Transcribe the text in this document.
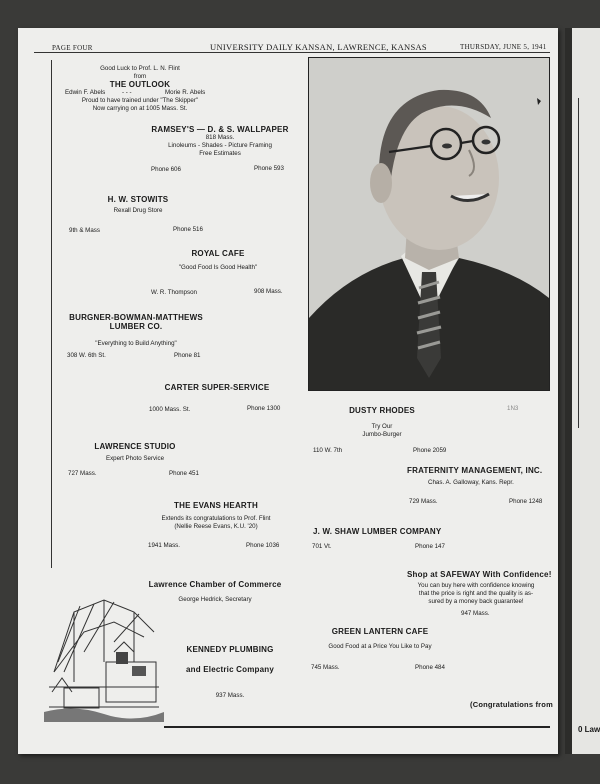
0 Law
PAGE FOUR	UNIVERSITY DAILY KANSAN, LAWRENCE, KANSAS	THURSDAY, JUNE 5, 1941
Good Luck to Prof. L. N. Flint
from
THE OUTLOOK
Edwin F. Abels	- - -	Morie R. Abels
Proud to have trained under "The Skipper"
Now carrying on at 1005 Mass. St.
RAMSEY'S — D. & S. WALLPAPER
818 Mass.
Linoleums - Shades - Picture Framing
Free Estimates
Phone 606	Phone 593
H. W. STOWITS
Rexall Drug Store
9th & Mass	Phone 516
ROYAL CAFE
"Good Food Is Good Health"
W. R. Thompson	908 Mass.
BURGNER-BOWMAN-MATTHEWS
LUMBER CO.
"Everything to Build Anything"
308 W. 6th St.	Phone 81
CARTER SUPER-SERVICE
1000 Mass. St.	Phone 1300	DUSTY RHODES
Try Our
Jumbo-Burger
110 W. 7th	Phone 2059
LAWRENCE STUDIO
Expert Photo Service
727 Mass.	Phone 451	FRATERNITY MANAGEMENT, INC.
Chas. A. Galloway, Kans. Repr.
729 Mass.	Phone 1248
THE EVANS HEARTH
Extends its congratulations to Prof. Flint
(Nellie Reese Evans, K.U. '20)
1941 Mass.	Phone 1036
J. W. SHAW LUMBER COMPANY
701 Vt.	Phone 147
Lawrence Chamber of Commerce
George Hedrick, Secretary
Shop at SAFEWAY With Confidence!
You can buy here with confidence knowing
that the price is right and the quality is as-
sured by a money back guarantee!
947 Mass.
KENNEDY PLUMBING
and Electric Company
937 Mass.
GREEN LANTERN CAFE
Good Food at a Price You Like to Pay
745 Mass.	Phone 484
(Congratulations from
1N3
